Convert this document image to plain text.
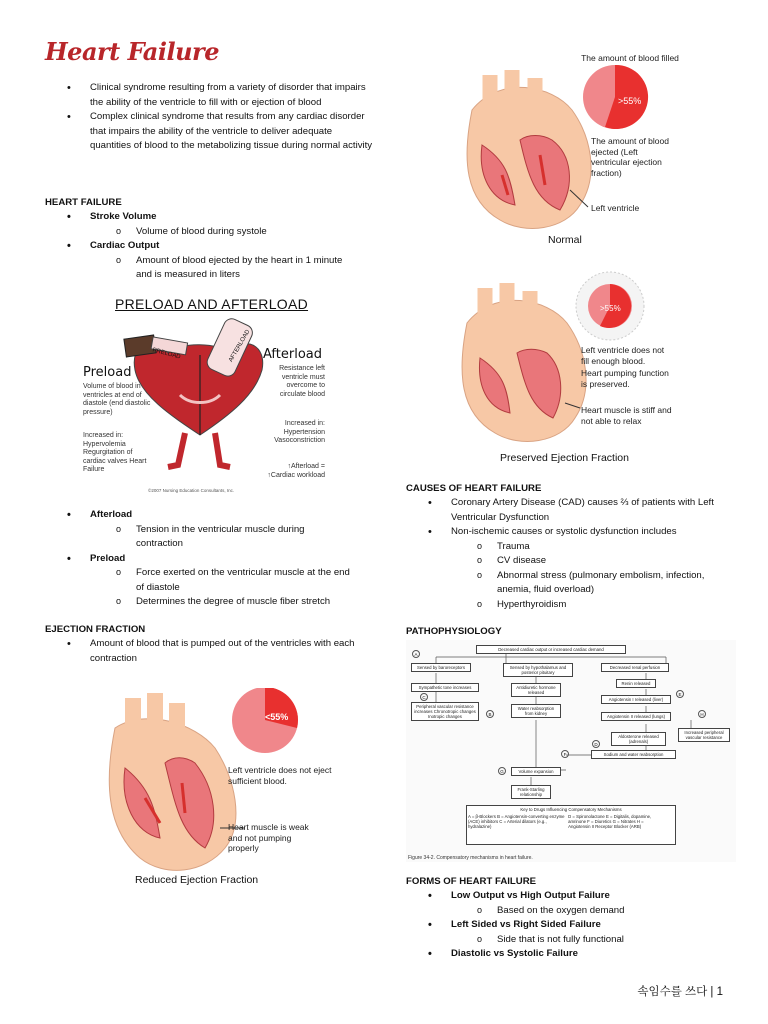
Heart Failure
• Clinical syndrome resulting from a variety of disorder that impairs the ability of the ventricle to fill with or ejection of blood
• Complex clinical syndrome that results from any cardiac disorder that impairs the ability of the ventricle to deliver adequate quantities of blood to the metabolizing tissue during normal activity
HEART FAILURE
• Stroke Volume
o Volume of blood during systole
• Cardiac Output
o Amount of blood ejected by the heart in 1 minute and is measured in liters
PRELOAD AND AFTERLOAD
PRELOAD	AFTERLOAD
Preload
Volume of blood in ventricles at end of diastole (end diastolic pressure)
Increased in: Hypervolemia Regurgitation of cardiac valves Heart Failure
Afterload
Resistance left ventricle must overcome to circulate blood
Increased in: Hypertension Vasoconstriction
↑Afterload =
↑Cardiac workload
©2007 Nursing Education Consultants, Inc.
• Afterload
o Tension in the ventricular muscle during contraction
• Preload
o Force exerted on the ventricular muscle at the end of diastole
o Determines the degree of muscle fiber stretch
EJECTION FRACTION
• Amount of blood that is pumped out of the ventricles with each contraction
<55%
Left ventricle does not eject sufficient blood.
Heart muscle is weak and not pumping properly
Reduced Ejection Fraction
The amount of blood filled
>55%
The amount of blood ejected (Left ventricular ejection fraction)
Left ventricle
Normal
>55%
Left ventricle does not fill enough blood.
Heart pumping function is preserved.
Heart muscle is stiff and not able to relax
Preserved Ejection Fraction
CAUSES OF HEART FAILURE
• Coronary Artery Disease (CAD) causes ⅔ of patients with Left Ventricular Dysfunction
• Non-ischemic causes or systolic dysfunction includes
o Trauma
o CV disease
o Abnormal stress (pulmonary embolism, infection, anemia, fluid overload)
o Hyperthyroidism
PATHOPHYSIOLOGY
Decreased cardiac output or increased cardiac demand
Sensed by baroreceptors	Sensed by hypothalamus and posterior pituitary
Decreased renal perfusion
Sympathetic tone increases	Antidiuretic hormone released
Renin released
Peripheral vascular resistance increases Chronotropic changes Inotropic changes
Water reabsorption from kidney
Angiotensin I released (liver)
Angiotensin II released (lungs)
Increased peripheral vascular resistance
Aldosterone released (adrenals)
Sodium and water reabsorption
Volume expansion
Frank-Starling relationship
Key to Drugs Influencing Compensatory Mechanisms
A = β-Blockers B = Angiotensin-converting enzyme (ACE) inhibitors C = Arterial dilators (e.g., hydralazine) D = Spironolactone E = Digitalis, dopamine, amrinone F = Diuretics G = Nitrates H = Angiotensin II Receptor Blocker (ARB)
A
B
C
D
E
F
G
H
Figure 34-2. Compensatory mechanisms in heart failure.
FORMS OF HEART FAILURE
• Low Output vs High Output Failure
o Based on the oxygen demand
• Left Sided vs Right Sided Failure
o Side that is not fully functional
• Diastolic vs Systolic Failure
속임수를 쓰다 | 1
